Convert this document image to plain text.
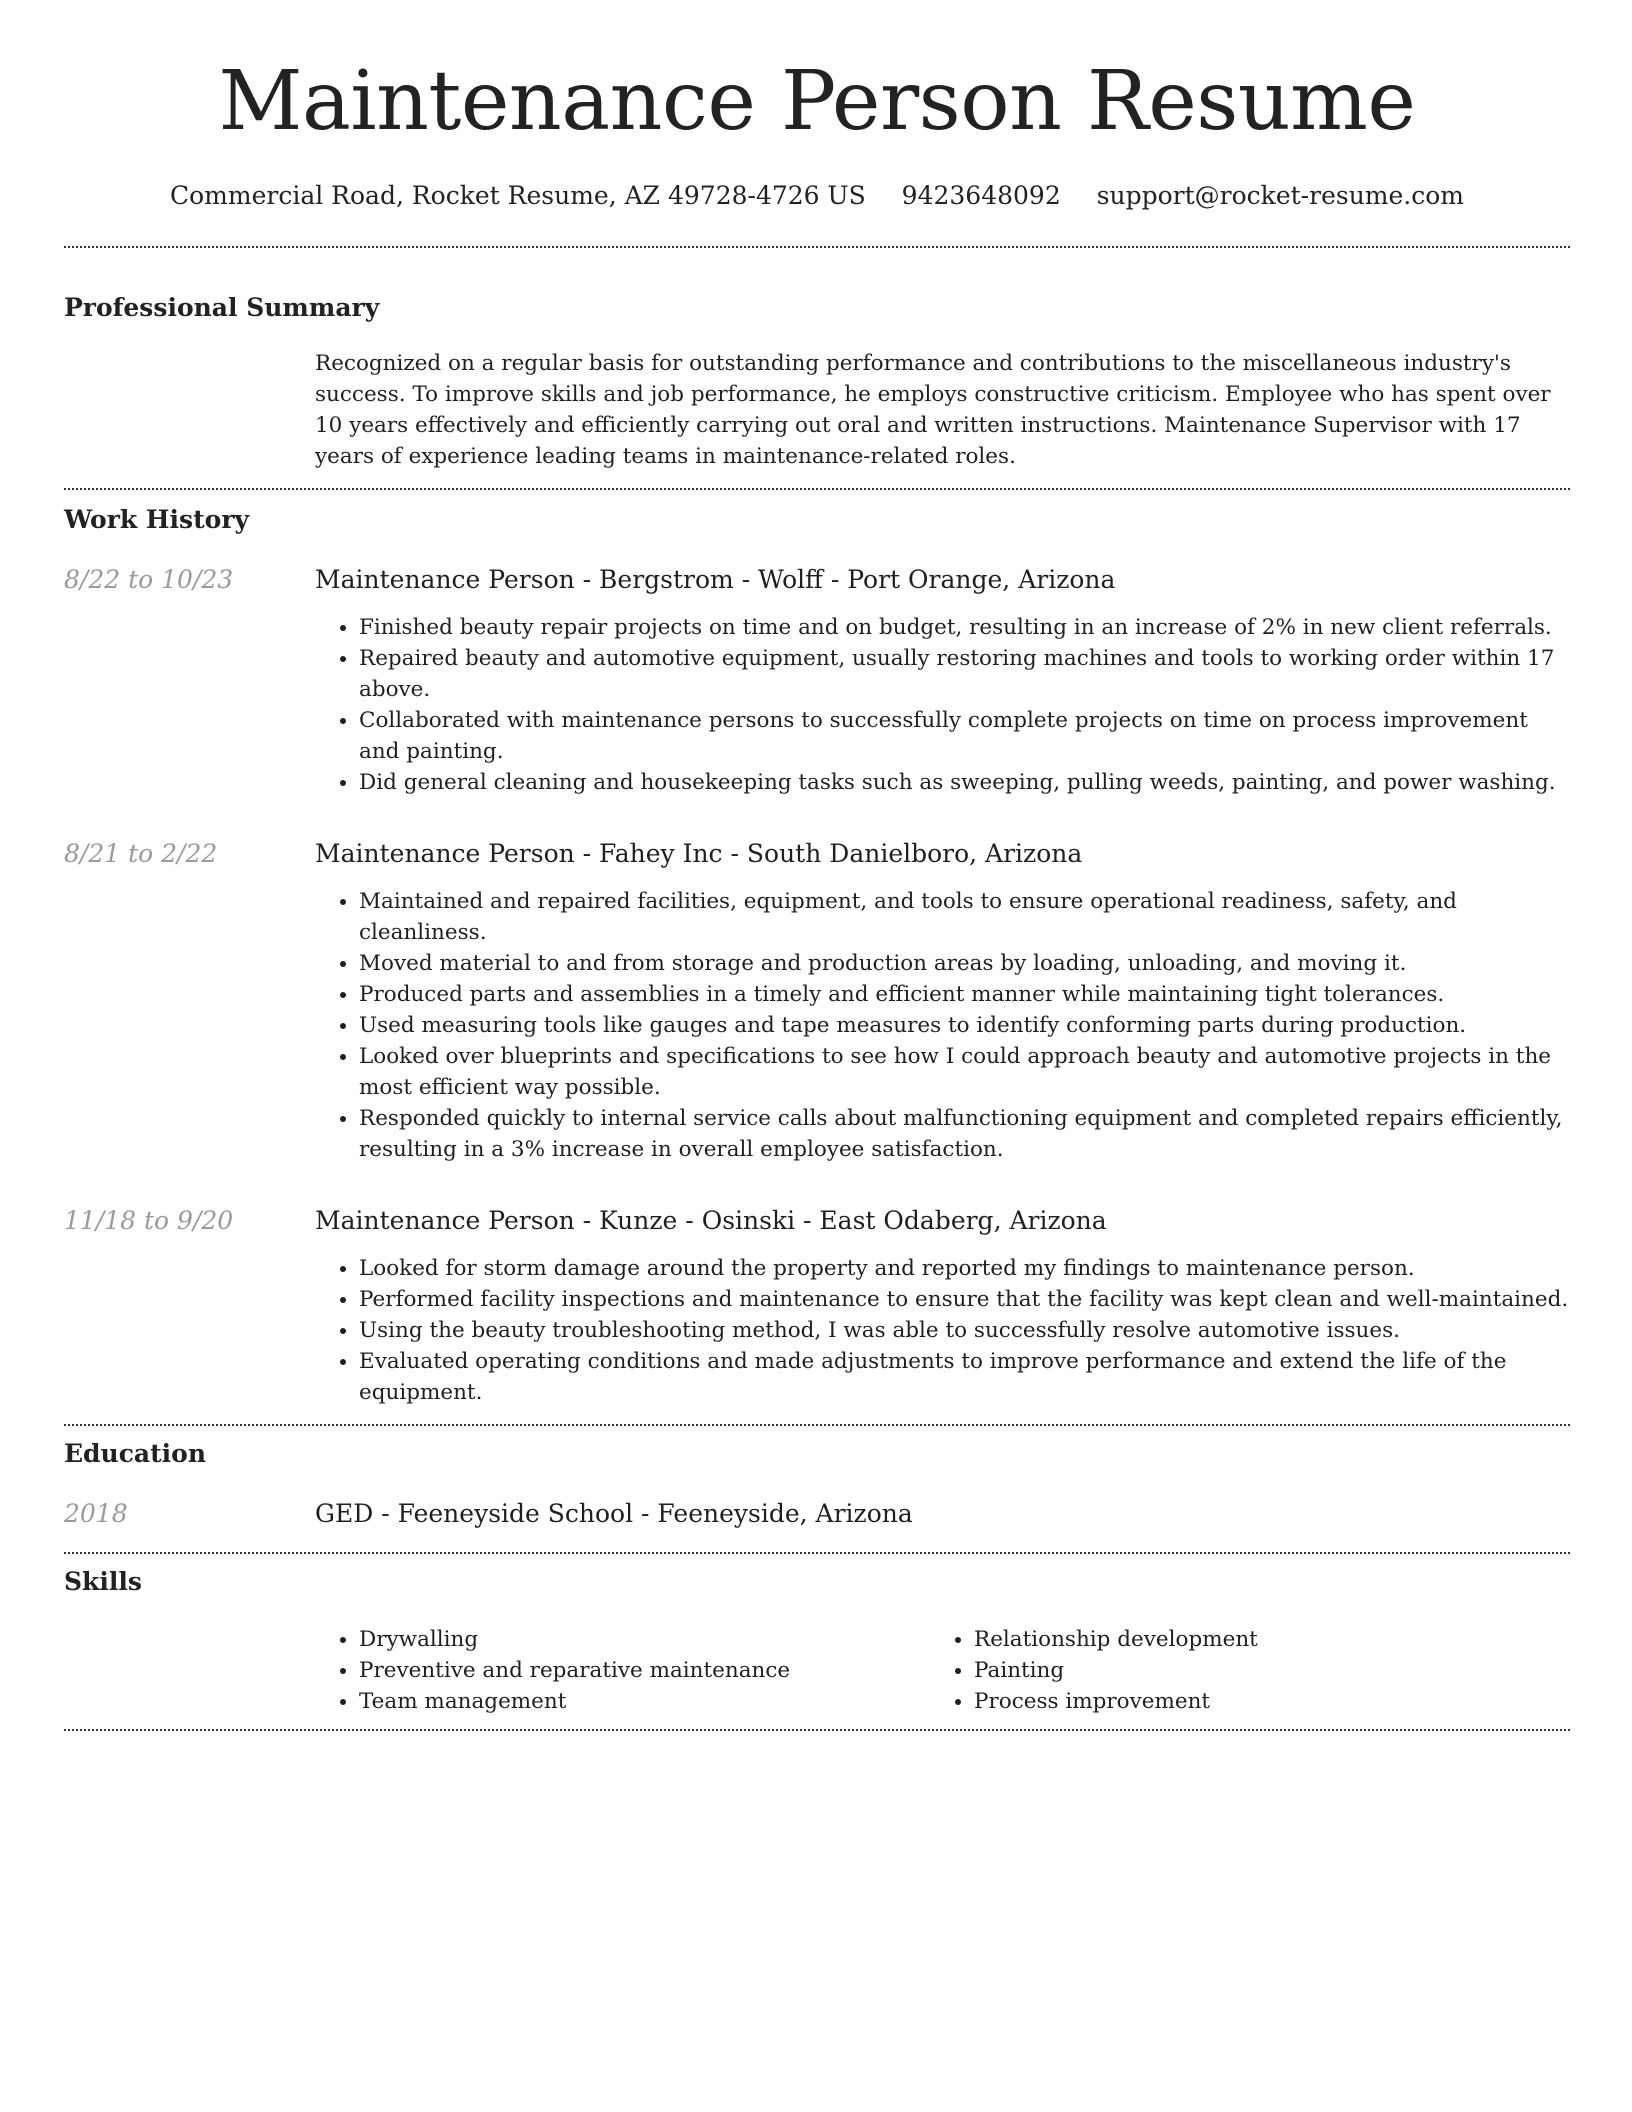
Maintenance Person Resume
Commercial Road, Rocket Resume, AZ 49728-4726 US 9423648092 support@rocket-resume.com
Professional Summary

Recognized on a regular basis for outstanding performance and contributions to the miscellaneous industry's success. To improve skills and job performance, he employs constructive criticism. Employee who has spent over 10 years effectively and efficiently carrying out oral and written instructions. Maintenance Supervisor with 17 years of experience leading teams in maintenance-related roles.

Work History
8/22 to 10/23	Maintenance Person - Bergstrom - Wolff - Port Orange, Arizona
• Finished beauty repair projects on time and on budget, resulting in an increase of 2% in new client referrals.
• Repaired beauty and automotive equipment, usually restoring machines and tools to working order within 17 above.
• Collaborated with maintenance persons to successfully complete projects on time on process improvement and painting.
• Did general cleaning and housekeeping tasks such as sweeping, pulling weeds, painting, and power washing.
8/21 to 2/22	Maintenance Person - Fahey Inc - South Danielboro, Arizona
• Maintained and repaired facilities, equipment, and tools to ensure operational readiness, safety, and cleanliness.
• Moved material to and from storage and production areas by loading, unloading, and moving it.
• Produced parts and assemblies in a timely and efficient manner while maintaining tight tolerances.
• Used measuring tools like gauges and tape measures to identify conforming parts during production.
• Looked over blueprints and specifications to see how I could approach beauty and automotive projects in the most efficient way possible.
• Responded quickly to internal service calls about malfunctioning equipment and completed repairs efficiently, resulting in a 3% increase in overall employee satisfaction.
11/18 to 9/20	Maintenance Person - Kunze - Osinski - East Odaberg, Arizona
• Looked for storm damage around the property and reported my findings to maintenance person.
• Performed facility inspections and maintenance to ensure that the facility was kept clean and well-maintained.
• Using the beauty troubleshooting method, I was able to successfully resolve automotive issues.
• Evaluated operating conditions and made adjustments to improve performance and extend the life of the equipment.
Education
2018	GED - Feeneyside School - Feeneyside, Arizona
Skills
• Drywalling
• Preventive and reparative maintenance
• Team management
• Relationship development
• Painting
• Process improvement
